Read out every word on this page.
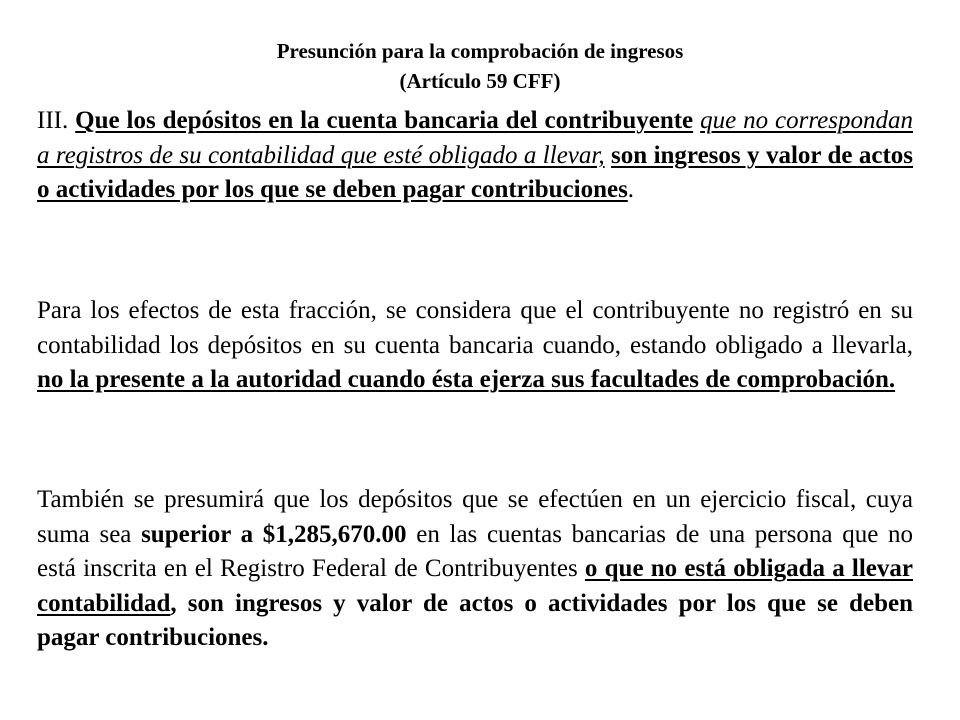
Presunción para la comprobación de ingresos
(Artículo 59 CFF)
III. Que los depósitos en la cuenta bancaria del contribuyente que no correspondan a registros de su contabilidad que esté obligado a llevar, son ingresos y valor de actos o actividades por los que se deben pagar contribuciones.
Para los efectos de esta fracción, se considera que el contribuyente no registró en su contabilidad los depósitos en su cuenta bancaria cuando, estando obligado a llevarla, no la presente a la autoridad cuando ésta ejerza sus facultades de comprobación.
También se presumirá que los depósitos que se efectúen en un ejercicio fiscal, cuya suma sea superior a $1,285,670.00 en las cuentas bancarias de una persona que no está inscrita en el Registro Federal de Contribuyentes o que no está obligada a llevar contabilidad, son ingresos y valor de actos o actividades por los que se deben pagar contribuciones.
